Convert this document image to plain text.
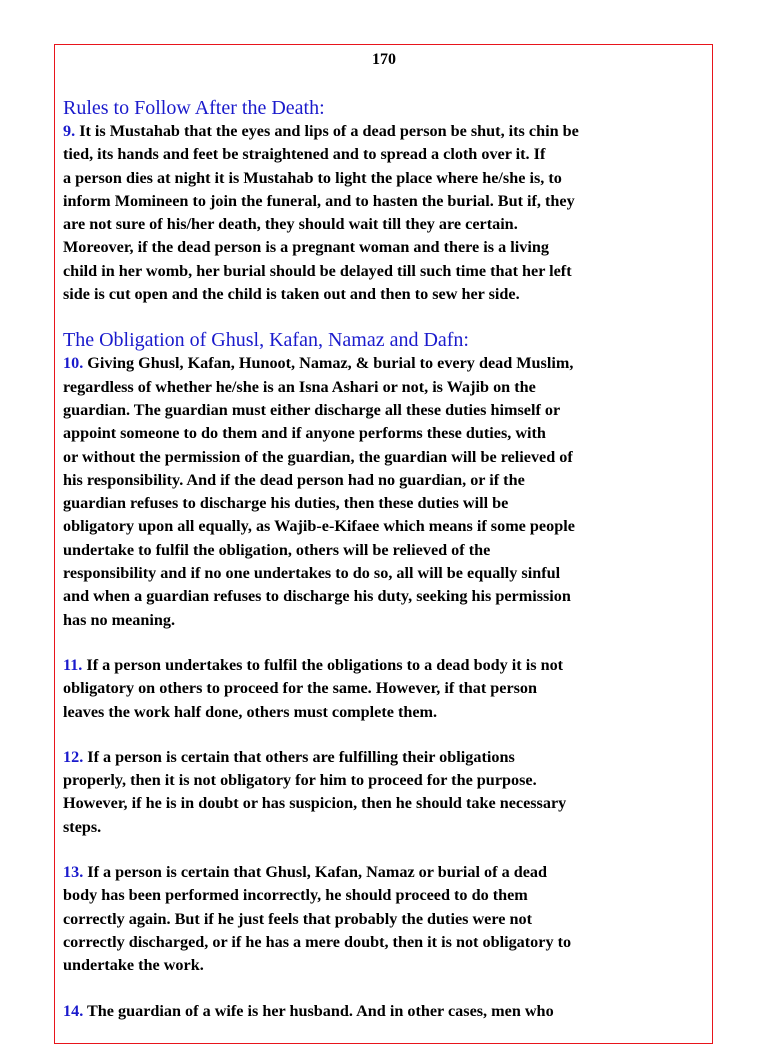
170
Rules to Follow After the Death:

9. It is Mustahab that the eyes and lips of a dead person be shut, its chin be
tied, its hands and feet be straightened and to spread a cloth over it. If
a person dies at night it is Mustahab to light the place where he/she is, to
inform Momineen to join the funeral, and to hasten the burial. But if, they
are not sure of his/her death, they should wait till they are certain.
Moreover, if the dead person is a pregnant woman and there is a living
child in her womb, her burial should be delayed till such time that her left
side is cut open and the child is taken out and then to sew her side.

The Obligation of Ghusl, Kafan, Namaz and Dafn:

10. Giving Ghusl, Kafan, Hunoot, Namaz, & burial to every dead Muslim,
regardless of whether he/she is an Isna Ashari or not, is Wajib on the
guardian. The guardian must either discharge all these duties himself or
appoint someone to do them and if anyone performs these duties, with
or without the permission of the guardian, the guardian will be relieved of
his responsibility. And if the dead person had no guardian, or if the
guardian refuses to discharge his duties, then these duties will be
obligatory upon all equally, as Wajib-e-Kifaee which means if some people
undertake to fulfil the obligation, others will be relieved of the
responsibility and if no one undertakes to do so, all will be equally sinful
and when a guardian refuses to discharge his duty, seeking his permission
has no meaning.

11. If a person undertakes to fulfil the obligations to a dead body it is not
obligatory on others to proceed for the same. However, if that person
leaves the work half done, others must complete them.

12. If a person is certain that others are fulfilling their obligations
properly, then it is not obligatory for him to proceed for the purpose.
However, if he is in doubt or has suspicion, then he should take necessary
steps.

13. If a person is certain that Ghusl, Kafan, Namaz or burial of a dead
body has been performed incorrectly, he should proceed to do them
correctly again. But if he just feels that probably the duties were not
correctly discharged, or if he has a mere doubt, then it is not obligatory to
undertake the work.

14. The guardian of a wife is her husband. And in other cases, men who
